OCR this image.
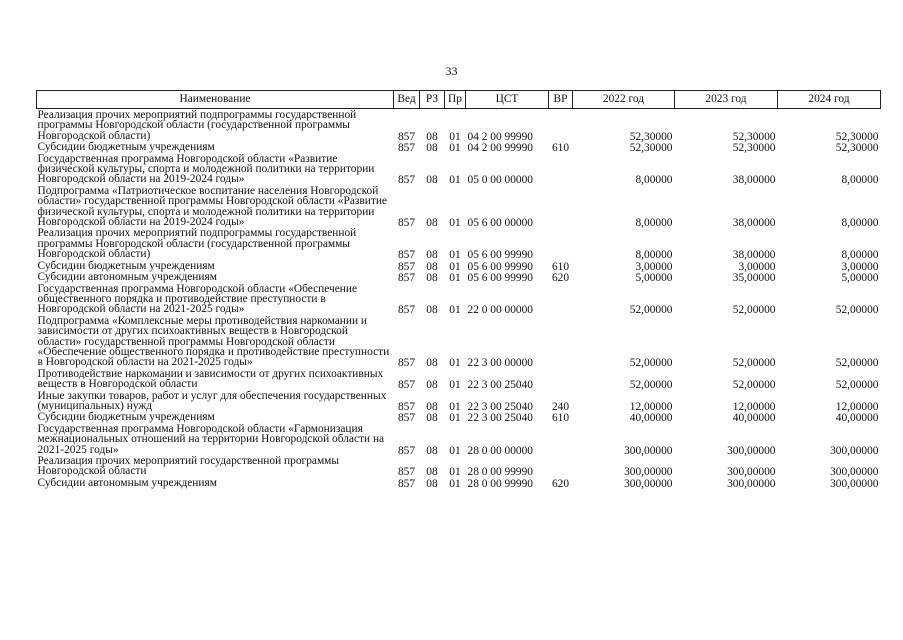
33
Наименование	Вед	РЗ	Пр	ЦСТ	ВР	2022 год	2023 год	2024 год
Реализация прочих мероприятий подпрограммы государственной программы Новгородской области (государственной программы Новгородской области)	857	08	01	04 2 00 99990		52,30000	52,30000	52,30000
Субсидии бюджетным учреждениям	857	08	01	04 2 00 99990	610	52,30000	52,30000	52,30000
Государственная программа Новгородской области «Развитие физической культуры, спорта и молодежной политики на территории Новгородской области на 2019-2024 годы»	857	08	01	05 0 00 00000		8,00000	38,00000	8,00000
Подпрограмма «Патриотическое воспитание населения Новгородской области» государственной программы Новгородской области «Развитие физической культуры, спорта и молодежной политики на территории Новгородской области на 2019-2024 годы»	857	08	01	05 6 00 00000		8,00000	38,00000	8,00000
Реализация прочих мероприятий подпрограммы государственной программы Новгородской области (государственной программы Новгородской области)	857	08	01	05 6 00 99990		8,00000	38,00000	8,00000
Субсидии бюджетным учреждениям	857	08	01	05 6 00 99990	610	3,00000	3,00000	3,00000
Субсидии автономным учреждениям	857	08	01	05 6 00 99990	620	5,00000	35,00000	5,00000
Государственная программа Новгородской области «Обеспечение общественного порядка и противодействие преступности в Новгородской области на 2021-2025 годы»	857	08	01	22 0 00 00000		52,00000	52,00000	52,00000
Подпрограмма «Комплексные меры противодействия наркомании и зависимости от других психоактивных веществ в Новгородской области» государственной программы Новгородской области «Обеспечение общественного порядка и противодействие преступности в Новгородской области на 2021-2025 годы»	857	08	01	22 3 00 00000		52,00000	52,00000	52,00000
Противодействие наркомании и зависимости от других психоактивных веществ в Новгородской области	857	08	01	22 3 00 25040		52,00000	52,00000	52,00000
Иные закупки товаров, работ и услуг для обеспечения государственных (муниципальных) нужд	857	08	01	22 3 00 25040	240	12,00000	12,00000	12,00000
Субсидии бюджетным учреждениям	857	08	01	22 3 00 25040	610	40,00000	40,00000	40,00000
Государственная программа Новгородской области «Гармонизация межнациональных отношений на территории Новгородской области на 2021-2025 годы»	857	08	01	28 0 00 00000		300,00000	300,00000	300,00000
Реализация прочих мероприятий государственной программы Новгородской области	857	08	01	28 0 00 99990		300,00000	300,00000	300,00000
Субсидии автономным учреждениям	857	08	01	28 0 00 99990	620	300,00000	300,00000	300,00000
